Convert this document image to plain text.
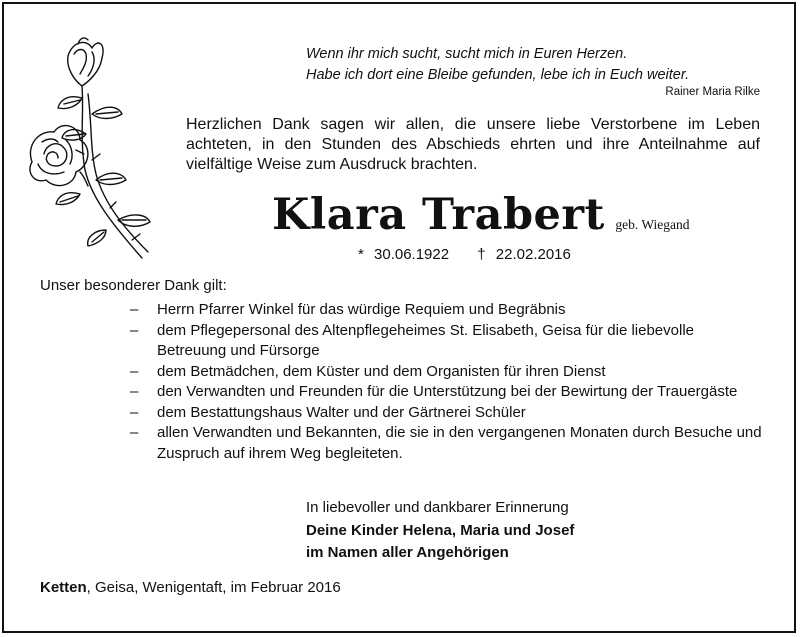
Wenn ihr mich sucht, sucht mich in Euren Herzen.
Habe ich dort eine Bleibe gefunden, lebe ich in Euch weiter.
Rainer Maria Rilke
Herzlichen Dank sagen wir allen, die unsere liebe Verstorbene im Leben achteten, in den Stunden des Abschieds ehrten und ihre Anteilnahme auf vielfältige Weise zum Ausdruck brachten.
Klara Trabert geb. Wiegand
* 30.06.1922 † 22.02.2016
Unser besonderer Dank gilt:
– Herrn Pfarrer Winkel für das würdige Requiem und Begräbnis
– dem Pflegepersonal des Altenpflegeheimes St. Elisabeth, Geisa für die liebevolle Betreuung und Fürsorge
– dem Betmädchen, dem Küster und dem Organisten für ihren Dienst
– den Verwandten und Freunden für die Unterstützung bei der Bewirtung der Trauergäste
– dem Bestattungshaus Walter und der Gärtnerei Schüler
– allen Verwandten und Bekannten, die sie in den vergangenen Monaten durch Besuche und Zuspruch auf ihrem Weg begleiteten.
In liebevoller und dankbarer Erinnerung
Deine Kinder Helena, Maria und Josef
im Namen aller Angehörigen
Ketten, Geisa, Wenigentaft, im Februar 2016
